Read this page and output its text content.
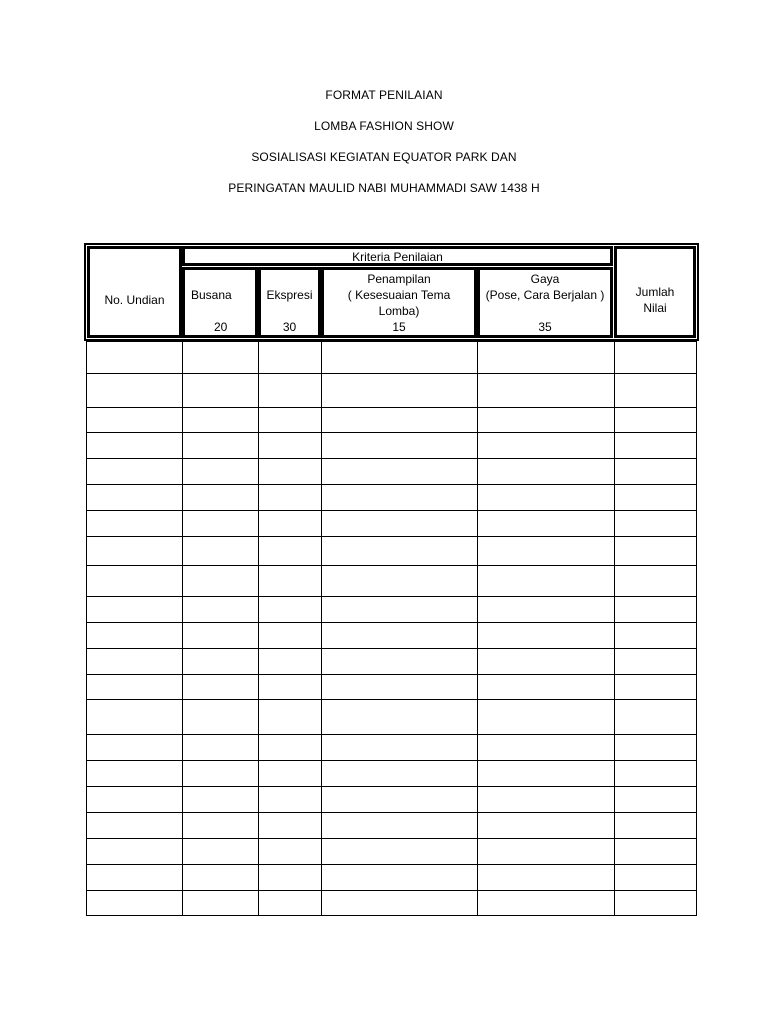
FORMAT PENILAIAN
LOMBA FASHION SHOW
SOSIALISASI KEGIATAN EQUATOR PARK DAN
PERINGATAN MAULID NABI MUHAMMADI SAW 1438 H
No. Undian
Kriteria Penilaian
Busana
20
Ekspresi
30
Penampilan
( Kesesuaian Tema
Lomba)
15
Gaya
(Pose, Cara Berjalan )
35
Jumlah
Nilai
